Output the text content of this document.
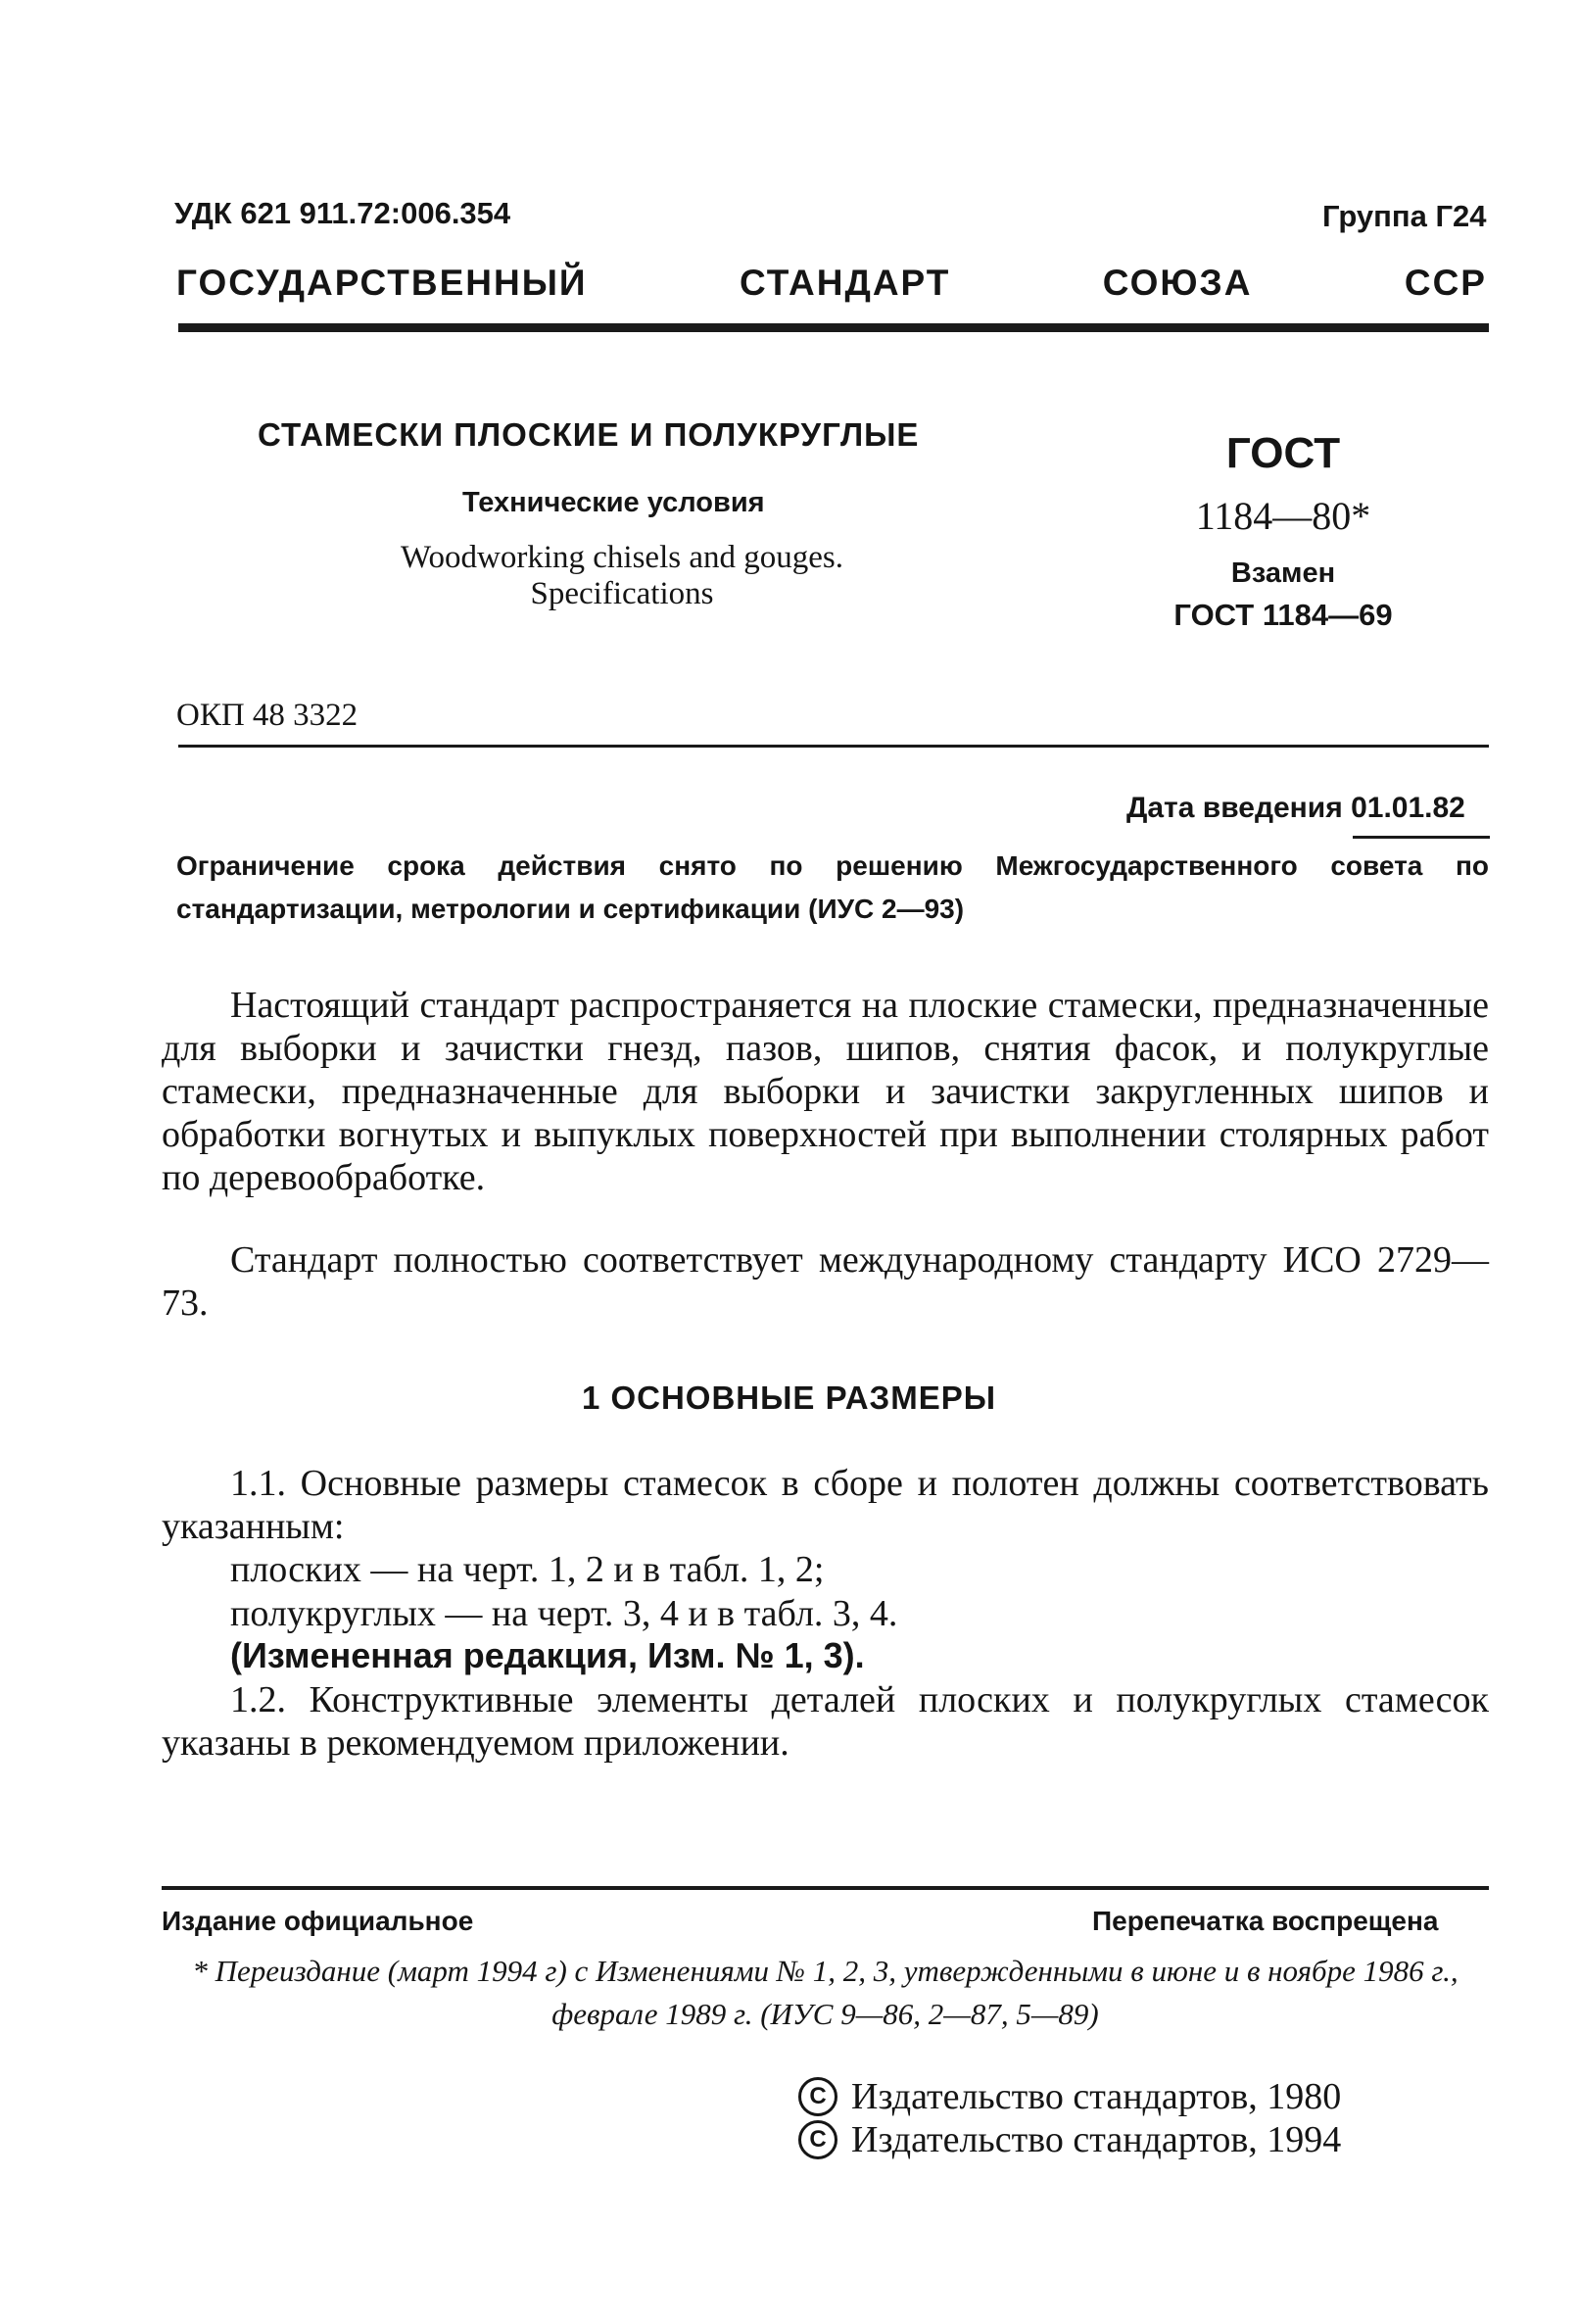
УДК 621 911.72:006.354	Группа Г24
ГОСУДАРСТВЕННЫЙ СТАНДАРТ СОЮЗА ССР
СТАМЕСКИ ПЛОСКИЕ И ПОЛУКРУГЛЫЕ
Технические условия
Woodworking chisels and gouges. Specifications
ГОСТ
1184—80*
Взамен
ГОСТ 1184—69
ОКП 48 3322
Дата введения 01.01.82
Ограничение срока действия снято по решению Межгосударственного совета по стандартизации, метрологии и сертификации (ИУС 2—93)
Настоящий стандарт распространяется на плоские стамески, предназначенные для выборки и зачистки гнезд, пазов, шипов, снятия фасок, и полукруглые стамески, предназначенные для выборки и зачистки закругленных шипов и обработки вогнутых и выпуклых поверхностей при выполнении столярных работ по деревообработке.
Стандарт полностью соответствует международному стандарту ИСО 2729—73.
1 ОСНОВНЫЕ РАЗМЕРЫ
1.1. Основные размеры стамесок в сборе и полотен должны соответствовать указанным:
плоских — на черт. 1, 2 и в табл. 1, 2;
полукруглых — на черт. 3, 4 и в табл. 3, 4.
(Измененная редакция, Изм. № 1, 3).
1.2. Конструктивные элементы деталей плоских и полукруглых стамесок указаны в рекомендуемом приложении.
Издание официальное	Перепечатка воспрещена
* Переиздание (март 1994 г) с Изменениями № 1, 2, 3, утвержденными в июне и в ноябре 1986 г., феврале 1989 г. (ИУС 9—86, 2—87, 5—89)
C Издательство стандартов, 1980
C Издательство стандартов, 1994
